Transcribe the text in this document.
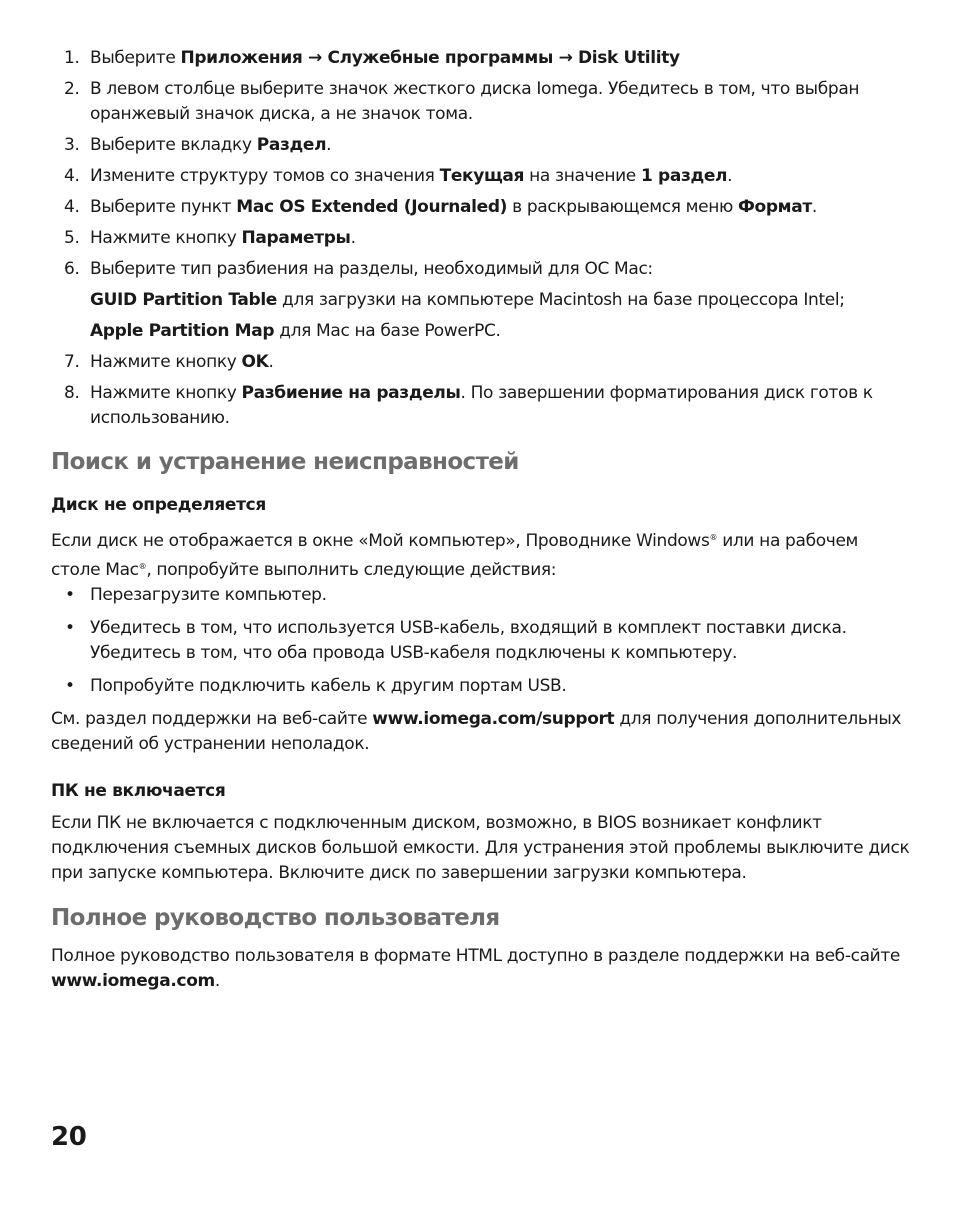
1. Выберите Приложения → Служебные программы → Disk Utility
2. В левом столбце выберите значок жесткого диска Iomega. Убедитесь в том, что выбран оранжевый значок диска, а не значок тома.
3. Выберите вкладку Раздел.
4. Измените структуру томов со значения Текущая на значение 1 раздел.
4. Выберите пункт Mac OS Extended (Journaled) в раскрывающемся меню Формат.
5. Нажмите кнопку Параметры.
6. Выберите тип разбиения на разделы, необходимый для ОС Mac:
GUID Partition Table для загрузки на компьютере Macintosh на базе процессора Intel;
Apple Partition Map для Mac на базе PowerPC.
7. Нажмите кнопку OK.
8. Нажмите кнопку Разбиение на разделы. По завершении форматирования диск готов к использованию.
Поиск и устранение неисправностей
Диск не определяется

Если диск не отображается в окне «Мой компьютер», Проводнике Windows® или на рабочем столе Mac®, попробуйте выполнить следующие действия:

• Перезагрузите компьютер.
• Убедитесь в том, что используется USB-кабель, входящий в комплект поставки диска. Убедитесь в том, что оба провода USB-кабеля подключены к компьютеру.
• Попробуйте подключить кабель к другим портам USB.

См. раздел поддержки на веб-сайте www.iomega.com/support для получения дополнительных сведений об устранении неполадок.

ПК не включается

Если ПК не включается с подключенным диском, возможно, в BIOS возникает конфликт подключения съемных дисков большой емкости. Для устранения этой проблемы выключите диск при запуске компьютера. Включите диск по завершении загрузки компьютера.

Полное руководство пользователя

Полное руководство пользователя в формате HTML доступно в разделе поддержки на веб-сайте www.iomega.com.

20
